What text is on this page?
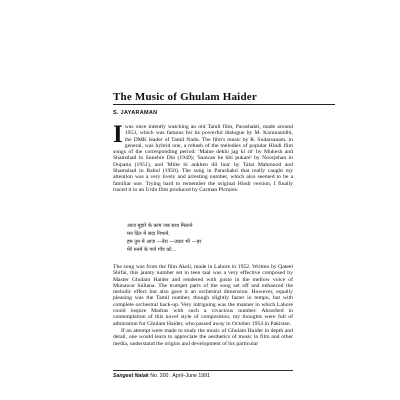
The Music of Ghulam Haider
S. JAYARAMAN
I was once intently watching an old Tamil film, Parashakti, made around 1953, which was famous for its powerful dialogue by M. Karunanidhi, the DMK leader of Tamil Nadu. The film's music by R. Sudarsanam, in general, was hybrid one, a rehash of the melodies of popular Hindi film songs of the corresponding period: 'Maine dekhi jag ki rit' by Mukesh and Shamshad in Sunehre Din (1949); 'Saawan ke bhi pukare' by Noorjehan in Dopatta (1951), and 'Milte hi ankhen dil hua' by Talat Mahmood and Shamshad in Babul (1950). The song in Parashakti that really caught my attention was a very lively and arresting number, which also seemed to be a familiar one. Trying hard to remember the original Hindi version, I finally traced it to an Urdu film produced by Carman Pictures.

आज मुहारे के काम जब साथ मिलाने
मन दिल में सदा निभाने,
हम तुम में आज —तेरा —उधार भी —हर
मेरे मनमें के गाने गाँव को...

The song was from the film Akeli, made in Lahore in 1952. Written by Qateel Shifai, this jaunty number set in teen taal was a very effective composed by Master Ghulam Haider and rendered with gusto in the mellow voice of Munawar Sultana. The trumpet parts of the song set off and enhanced the melodic effect but also gave it an orchestral dimension. However, equally pleasing was the Tamil number, though slightly faster in tempo, but with complete orchestral back-up. Very intriguing was the manner in which Lahore could inspire Madras with such a vivacious number. Absorbed in contemplation of this novel style of composition, my thoughts were full of admiration for Ghulam Haider, who passed away in October 1954 in Pakistan.

If an attempt were made to study the music of Ghulam Haider in depth and detail, one would learn to appreciate the aesthetics of music in film and other media, understand the origins and development of his particular

Sangeet Natak No. 200 : April–June 1991
